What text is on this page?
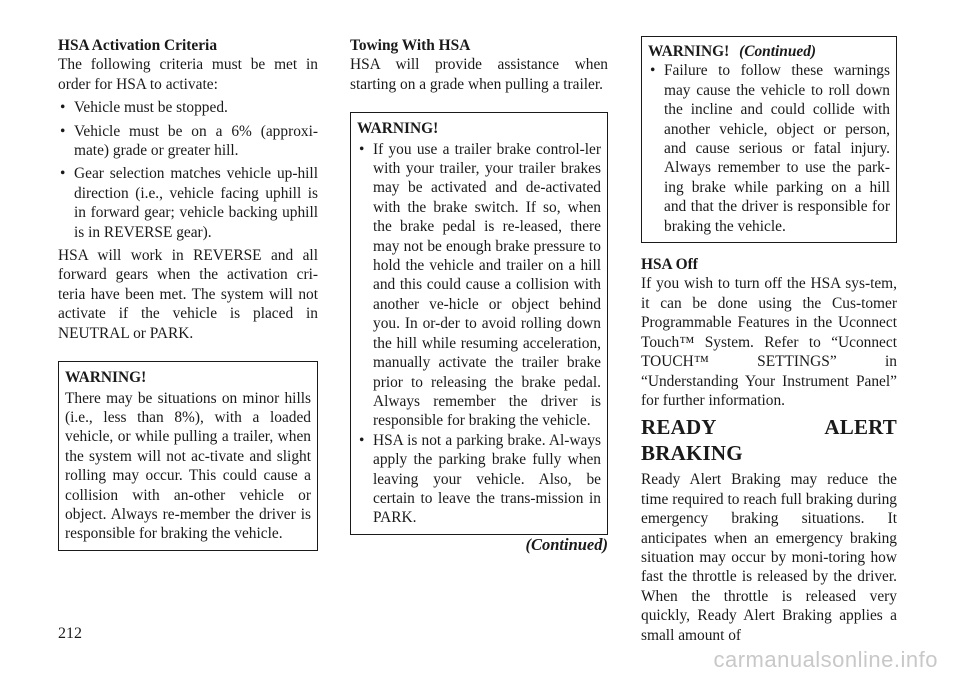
HSA Activation Criteria

The following criteria must be met in order for HSA to activate:

• Vehicle must be stopped.
• Vehicle must be on a 6% (approxi-mate) grade or greater hill.
• Gear selection matches vehicle up-hill direction (i.e., vehicle facing uphill is in forward gear; vehicle backing uphill is in REVERSE gear).

HSA will work in REVERSE and all forward gears when the activation cri-teria have been met. The system will not activate if the vehicle is placed in NEUTRAL or PARK.

WARNING!

There may be situations on minor hills (i.e., less than 8%), with a loaded vehicle, or while pulling a trailer, when the system will not ac-tivate and slight rolling may occur. This could cause a collision with an-other vehicle or object. Always re-member the driver is responsible for braking the vehicle.

Towing With HSA

HSA will provide assistance when starting on a grade when pulling a trailer.

WARNING!

• If you use a trailer brake control-ler with your trailer, your trailer brakes may be activated and de-activated with the brake switch. If so, when the brake pedal is re-leased, there may not be enough brake pressure to hold the vehicle and trailer on a hill and this could cause a collision with another ve-hicle or object behind you. In or-der to avoid rolling down the hill while resuming acceleration, manually activate the trailer brake prior to releasing the brake pedal. Always remember the driver is responsible for braking the vehicle.
• HSA is not a parking brake. Al-ways apply the parking brake fully when leaving your vehicle. Also, be certain to leave the trans-mission in PARK.

(Continued)

WARNING! (Continued)

• Failure to follow these warnings may cause the vehicle to roll down the incline and could collide with another vehicle, object or person, and cause serious or fatal injury. Always remember to use the park-ing brake while parking on a hill and that the driver is responsible for braking the vehicle.

HSA Off

If you wish to turn off the HSA sys-tem, it can be done using the Cus-tomer Programmable Features in the Uconnect Touch™ System. Refer to “Uconnect TOUCH™ SETTINGS” in “Understanding Your Instrument Panel” for further information.

READY ALERT BRAKING

Ready Alert Braking may reduce the time required to reach full braking during emergency braking situations. It anticipates when an emergency braking situation may occur by moni-toring how fast the throttle is released by the driver. When the throttle is released very quickly, Ready Alert Braking applies a small amount of

212
carmanualsonline.info
